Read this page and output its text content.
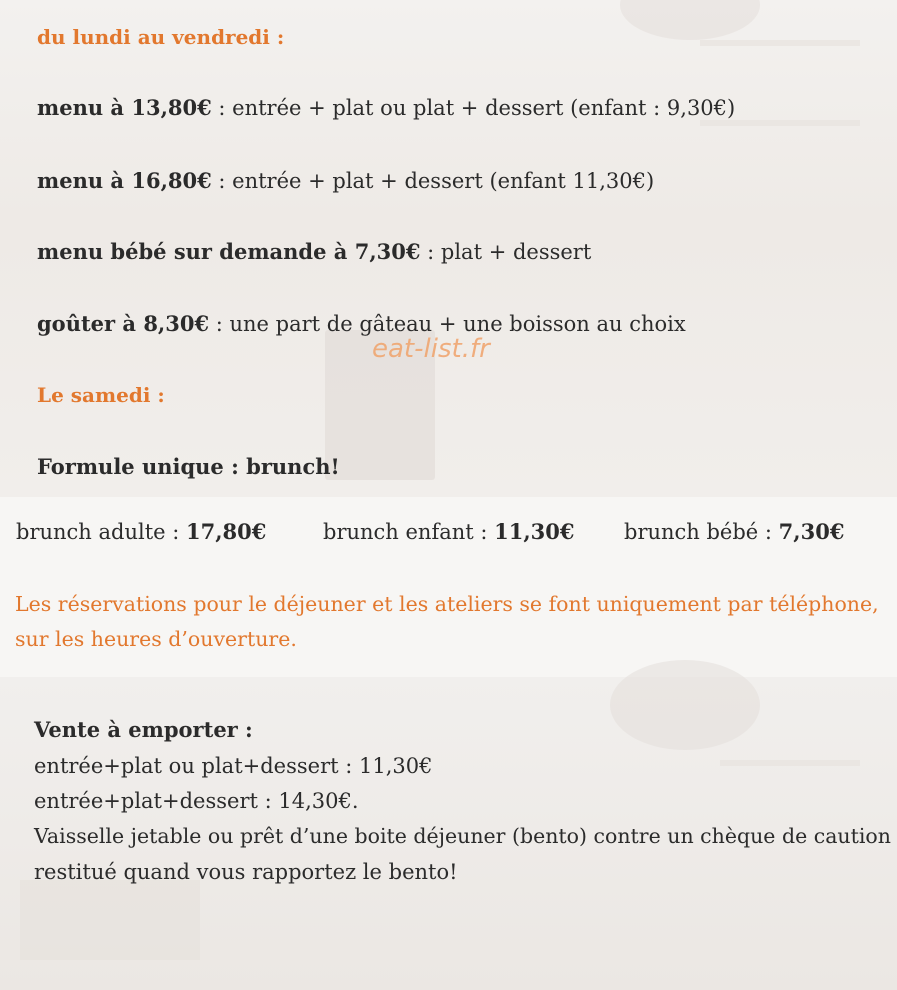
du lundi au vendredi :
menu à 13,80€ : entrée + plat ou plat + dessert (enfant : 9,30€)
menu à 16,80€ : entrée + plat + dessert (enfant 11,30€)
menu bébé sur demande à 7,30€ : plat + dessert
goûter à 8,30€ : une part de gâteau + une boisson au choix
eat-list.fr
Le samedi :
Formule unique : brunch!
brunch adulte : 17,80€	brunch enfant : 11,30€ brunch bébé : 7,30€
Les réservations pour le déjeuner et les ateliers se font uniquement par téléphone,
sur les heures d’ouverture.
Vente à emporter :
entrée+plat ou plat+dessert : 11,30€
entrée+plat+dessert : 14,30€.
Vaisselle jetable ou prêt d’une boite déjeuner (bento) contre un chèque de caution
restitué quand vous rapportez le bento!
